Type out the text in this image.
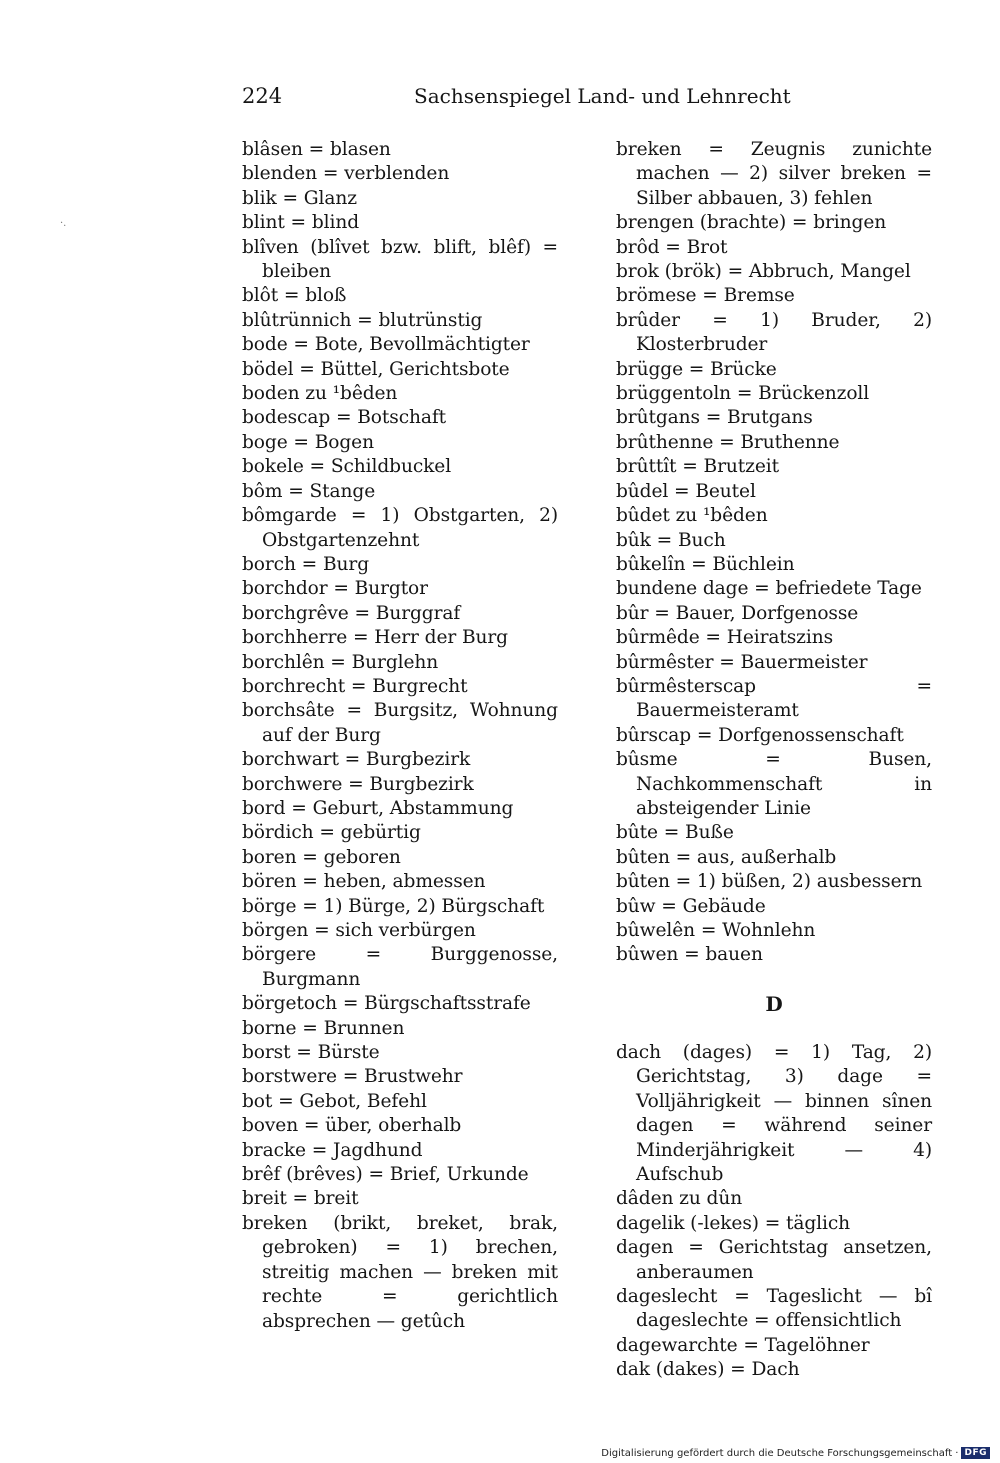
224	Sachsenspiegel Land- und Lehnrecht
·.
blâsen = blasen
blenden = verblenden
blik = Glanz
blint = blind
blîven (blîvet bzw. blift, blêf) = bleiben
blôt = bloß
blûtrünnich = blutrünstig
bode = Bote, Bevollmächtigter
bödel = Büttel, Gerichtsbote
boden zu ¹bêden
bodescap = Botschaft
boge = Bogen
bokele = Schildbuckel
bôm = Stange
bômgarde = 1) Obstgarten, 2) Obstgartenzehnt
borch = Burg
borchdor = Burgtor
borchgrêve = Burggraf
borchherre = Herr der Burg
borchlên = Burglehn
borchrecht = Burgrecht
borchsâte = Burgsitz, Wohnung auf der Burg
borchwart = Burgbezirk
borchwere = Burgbezirk
bord = Geburt, Abstammung
bördich = gebürtig
boren = geboren
bören = heben, abmessen
börge = 1) Bürge, 2) Bürgschaft
börgen = sich verbürgen
börgere = Burggenosse, Burgmann
börgetoch = Bürgschaftsstrafe
borne = Brunnen
borst = Bürste
borstwere = Brustwehr
bot = Gebot, Befehl
boven = über, oberhalb
bracke = Jagdhund
brêf (brêves) = Brief, Urkunde
breit = breit
breken (brikt, breket, brak, gebroken) = 1) brechen, streitig machen — breken mit rechte = gerichtlich absprechen — getûch
breken = Zeugnis zunichte machen — 2) silver breken = Silber abbauen, 3) fehlen
brengen (brachte) = bringen
brôd = Brot
brok (brök) = Abbruch, Mangel
brömese = Bremse
brûder = 1) Bruder, 2) Klosterbruder
brügge = Brücke
brüggentoln = Brückenzoll
brûtgans = Brutgans
brûthenne = Bruthenne
brûttît = Brutzeit
bûdel = Beutel
bûdet zu ¹bêden
bûk = Buch
bûkelîn = Büchlein
bundene dage = befriedete Tage
bûr = Bauer, Dorfgenosse
bûrmêde = Heiratszins
bûrmêster = Bauermeister
bûrmêsterscap = Bauermeisteramt
bûrscap = Dorfgenossenschaft
bûsme = Busen, Nachkommenschaft in absteigender Linie
bûte = Buße
bûten = aus, außerhalb
bûten = 1) büßen, 2) ausbessern
bûw = Gebäude
bûwelên = Wohnlehn
bûwen = bauen
D
dach (dages) = 1) Tag, 2) Gerichtstag, 3) dage = Volljährigkeit — binnen sînen dagen = während seiner Minderjährigkeit — 4) Aufschub
dâden zu dûn
dagelik (-lekes) = täglich
dagen = Gerichtstag ansetzen, anberaumen
dageslecht = Tageslicht — bî dageslechte = offensichtlich
dagewarchte = Tagelöhner
dak (dakes) = Dach
Digitalisierung gefördert durch die Deutsche Forschungsgemeinschaft · DFG
